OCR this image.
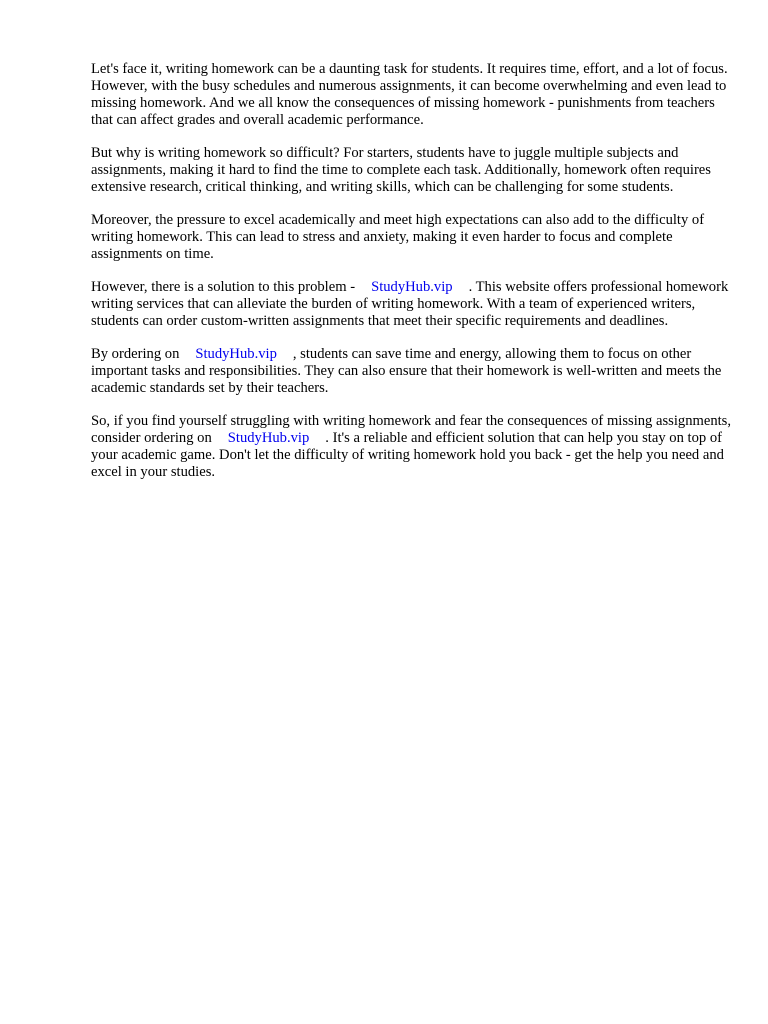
Let's face it, writing homework can be a daunting task for students. It requires time, effort, and a lot of focus. However, with the busy schedules and numerous assignments, it can become overwhelming and even lead to missing homework. And we all know the consequences of missing homework - punishments from teachers that can affect grades and overall academic performance.

But why is writing homework so difficult? For starters, students have to juggle multiple subjects and assignments, making it hard to find the time to complete each task. Additionally, homework often requires extensive research, critical thinking, and writing skills, which can be challenging for some students.

Moreover, the pressure to excel academically and meet high expectations can also add to the difficulty of writing homework. This can lead to stress and anxiety, making it even harder to focus and complete assignments on time.

However, there is a solution to this problem - StudyHub.vip . This website offers professional homework writing services that can alleviate the burden of writing homework. With a team of experienced writers, students can order custom-written assignments that meet their specific requirements and deadlines.

By ordering on StudyHub.vip , students can save time and energy, allowing them to focus on other important tasks and responsibilities. They can also ensure that their homework is well-written and meets the academic standards set by their teachers.

So, if you find yourself struggling with writing homework and fear the consequences of missing assignments, consider ordering on StudyHub.vip . It's a reliable and efficient solution that can help you stay on top of your academic game. Don't let the difficulty of writing homework hold you back - get the help you need and excel in your studies.
